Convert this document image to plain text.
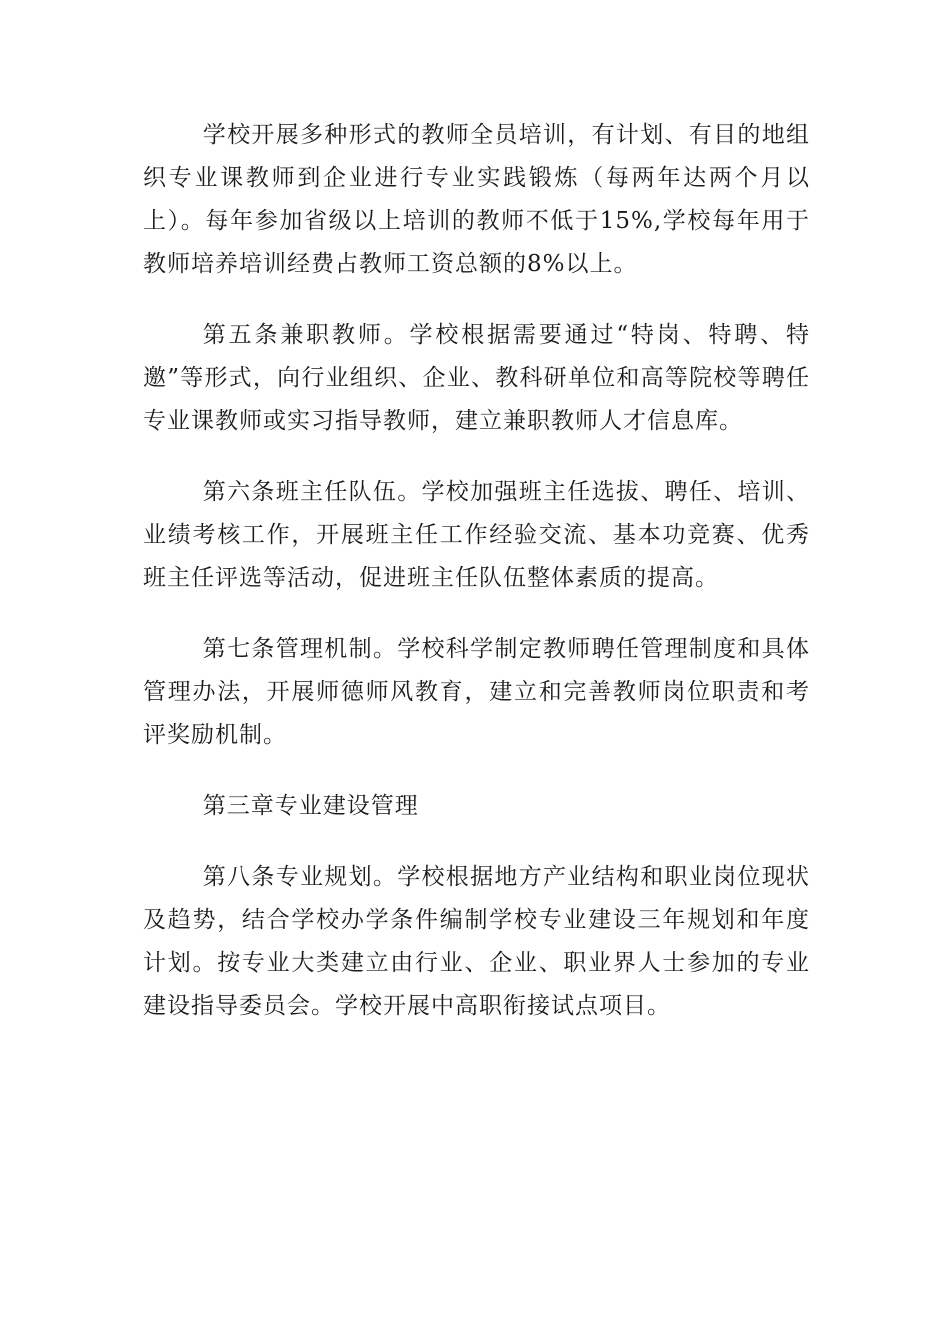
学校开展多种形式的教师全员培训，有计划、有目的地组织专业课教师到企业进行专业实践锻炼（每两年达两个月以上）。每年参加省级以上培训的教师不低于15%,学校每年用于教师培养培训经费占教师工资总额的8%以上。

第五条兼职教师。学校根据需要通过“特岗、特聘、特邀”等形式，向行业组织、企业、教科研单位和高等院校等聘任专业课教师或实习指导教师，建立兼职教师人才信息库。

第六条班主任队伍。学校加强班主任选拔、聘任、培训、业绩考核工作，开展班主任工作经验交流、基本功竞赛、优秀班主任评选等活动，促进班主任队伍整体素质的提高。

第七条管理机制。学校科学制定教师聘任管理制度和具体管理办法，开展师德师风教育，建立和完善教师岗位职责和考评奖励机制。

第三章专业建设管理

第八条专业规划。学校根据地方产业结构和职业岗位现状及趋势，结合学校办学条件编制学校专业建设三年规划和年度计划。按专业大类建立由行业、企业、职业界人士参加的专业建设指导委员会。学校开展中高职衔接试点项目。
